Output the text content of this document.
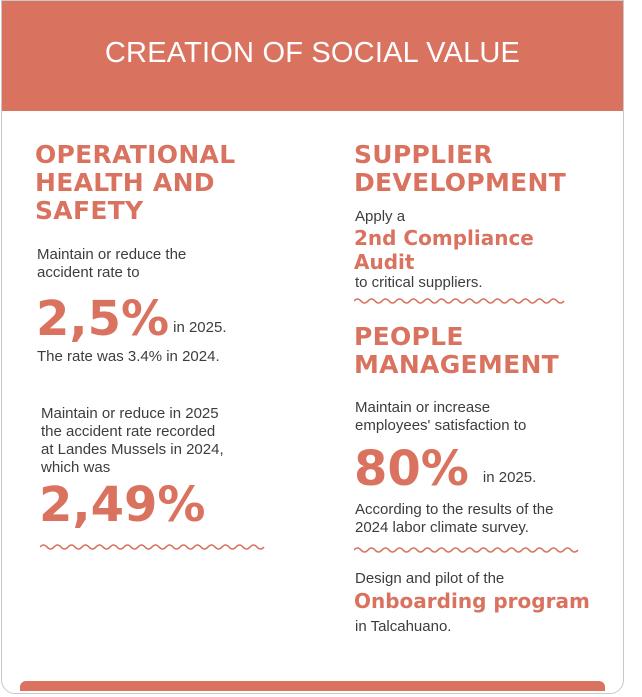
CREATION OF SOCIAL VALUE

OPERATIONAL
HEALTH AND
SAFETY

Maintain or reduce the
accident rate to

2,5% in 2025.

The rate was 3.4% in 2024.

Maintain or reduce in 2025
the accident rate recorded
at Landes Mussels in 2024,
which was

2,49%

SUPPLIER
DEVELOPMENT

Apply a

2nd Compliance
Audit

to critical suppliers.

PEOPLE
MANAGEMENT

Maintain or increase
employees' satisfaction to

80% in 2025.

According to the results of the
2024 labor climate survey.

Design and pilot of the

Onboarding program

in Talcahuano.
